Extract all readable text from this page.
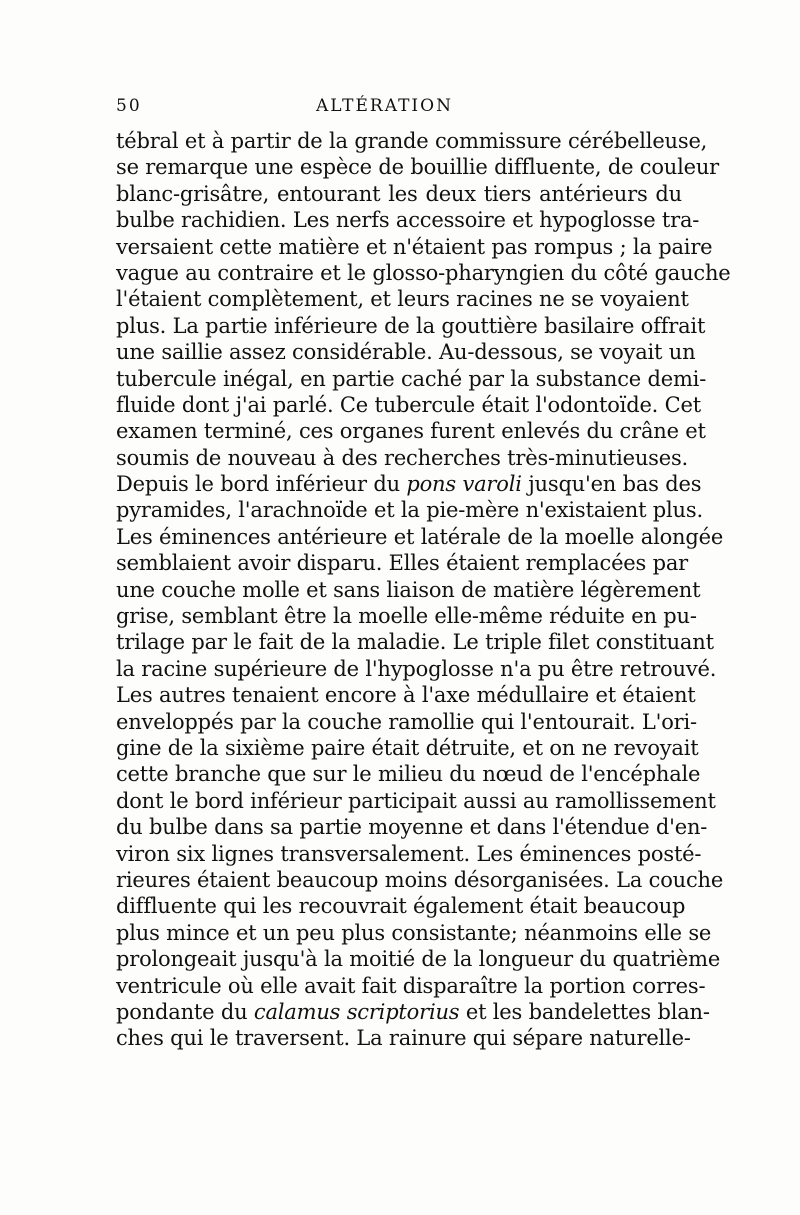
50	ALTÉRATION
tébral et à partir de la grande commissure cérébelleuse,
se remarque une espèce de bouillie diffluente, de couleur
blanc-grisâtre, entourant les deux tiers antérieurs du
bulbe rachidien. Les nerfs accessoire et hypoglosse tra-
versaient cette matière et n'étaient pas rompus ; la paire
vague au contraire et le glosso-pharyngien du côté gauche
l'étaient complètement, et leurs racines ne se voyaient
plus. La partie inférieure de la gouttière basilaire offrait
une saillie assez considérable. Au-dessous, se voyait un
tubercule inégal, en partie caché par la substance demi-
fluide dont j'ai parlé. Ce tubercule était l'odontoïde. Cet
examen terminé, ces organes furent enlevés du crâne et
soumis de nouveau à des recherches très-minutieuses.
Depuis le bord inférieur du pons varoli jusqu'en bas des
pyramides, l'arachnoïde et la pie-mère n'existaient plus.
Les éminences antérieure et latérale de la moelle alongée
semblaient avoir disparu. Elles étaient remplacées par
une couche molle et sans liaison de matière légèrement
grise, semblant être la moelle elle-même réduite en pu-
trilage par le fait de la maladie. Le triple filet constituant
la racine supérieure de l'hypoglosse n'a pu être retrouvé.
Les autres tenaient encore à l'axe médullaire et étaient
enveloppés par la couche ramollie qui l'entourait. L'ori-
gine de la sixième paire était détruite, et on ne revoyait
cette branche que sur le milieu du nœud de l'encéphale
dont le bord inférieur participait aussi au ramollissement
du bulbe dans sa partie moyenne et dans l'étendue d'en-
viron six lignes transversalement. Les éminences posté-
rieures étaient beaucoup moins désorganisées. La couche
diffluente qui les recouvrait également était beaucoup
plus mince et un peu plus consistante; néanmoins elle se
prolongeait jusqu'à la moitié de la longueur du quatrième
ventricule où elle avait fait disparaître la portion corres-
pondante du calamus scriptorius et les bandelettes blan-
ches qui le traversent. La rainure qui sépare naturelle-
